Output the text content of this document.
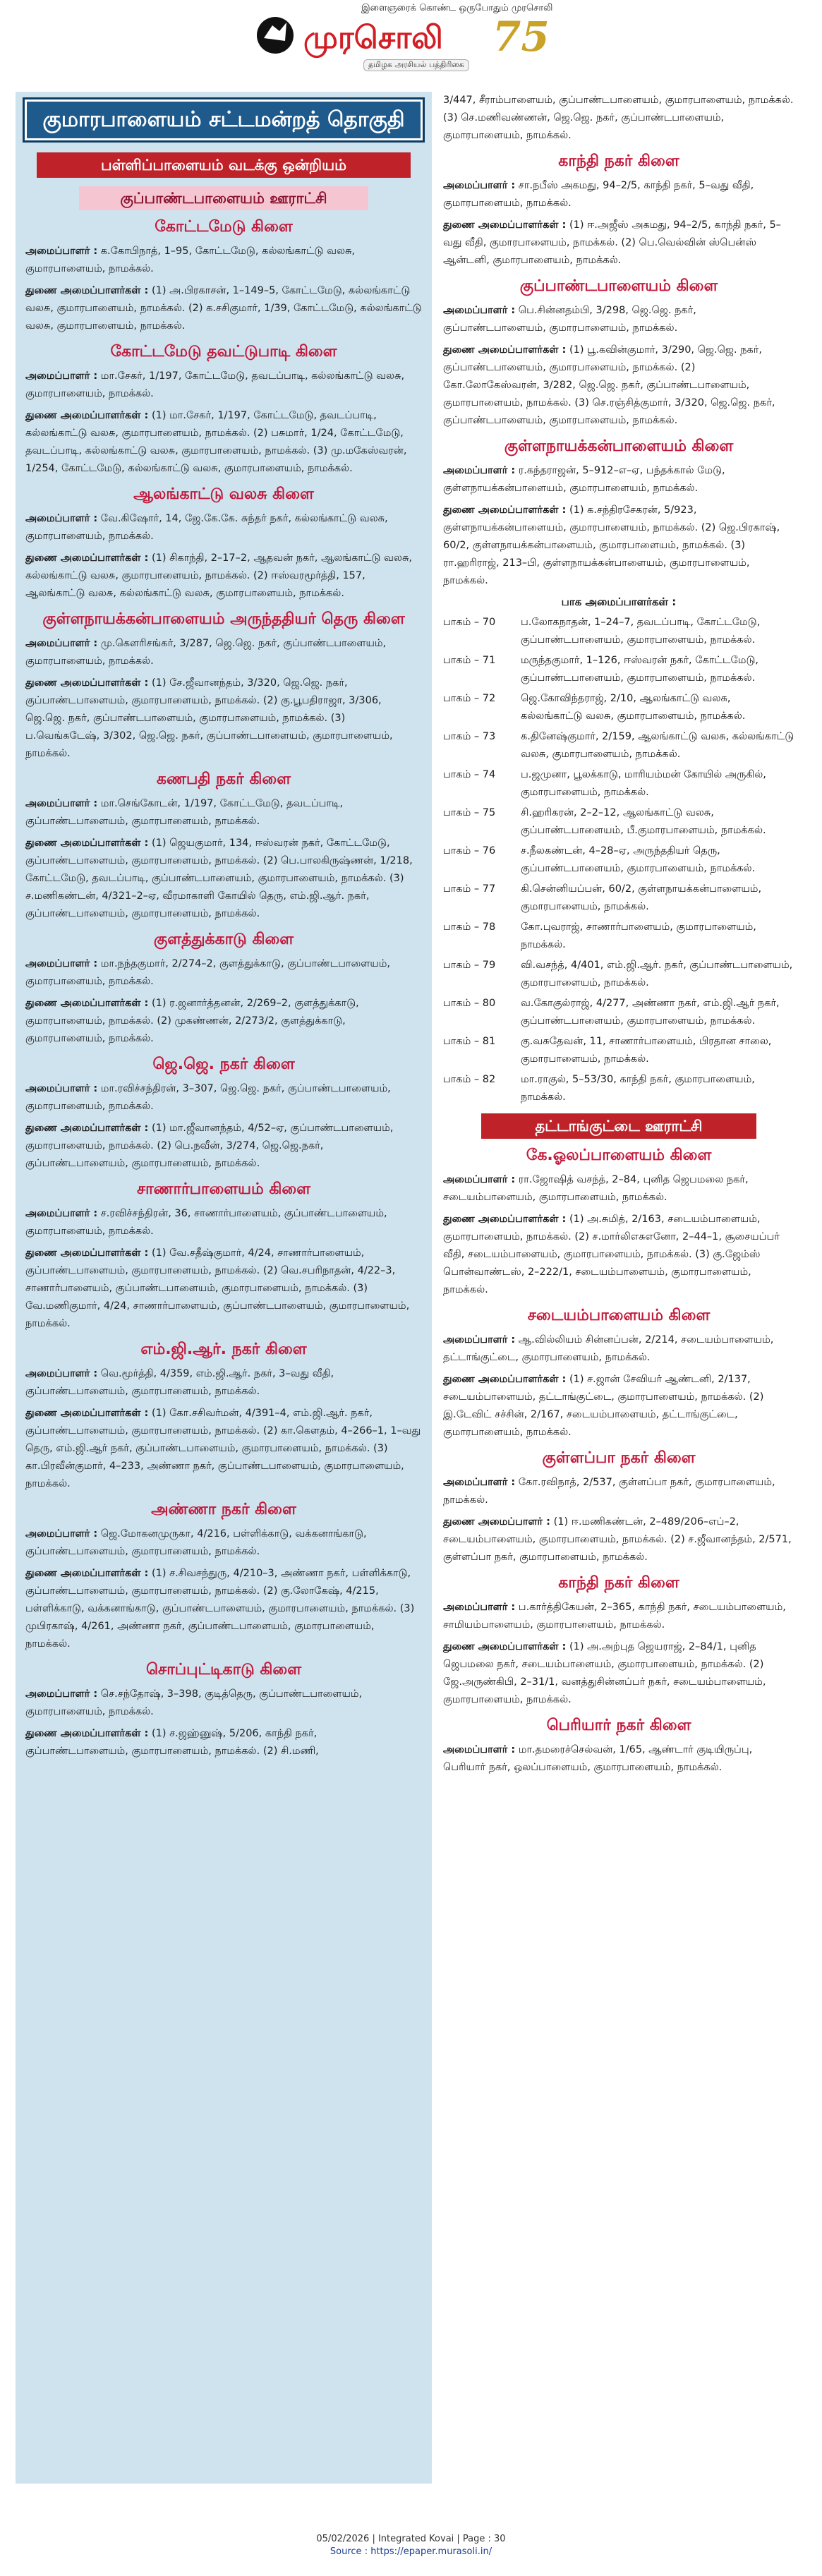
இளைஞரைக் கொண்ட ஒருபோதும் முரசொலி
முரசொலி 75
தமிழக அரசியல் பத்திரிகை
குமாரபாளையம் சட்டமன்றத் தொகுதி
பள்ளிப்பாளையம் வடக்கு ஒன்றியம்
குப்பாண்டபாளையம் ஊராட்சி
கோட்டமேடு கிளை
அமைப்பாளர் : க.கோபிநாத், 1–95, கோட்டமேடு, கல்லங்காட்டு வலசு, குமாரபாளையம், நாமக்கல்.
துணை அமைப்பாளர்கள் : (1) அ.பிரகாசன், 1–149–5, கோட்டமேடு, கல்லங்காட்டு வலசு, குமாரபாளையம், நாமக்கல். (2) க.சசிகுமார், 1/39, கோட்டமேடு, கல்லங்காட்டு வலசு, குமாரபாளையம், நாமக்கல்.
கோட்டமேடு தவட்டுபாடி கிளை
அமைப்பாளர் : மா.சேகர், 1/197, கோட்டமேடு, தவடப்பாடி, கல்லங்காட்டு வலசு, குமாரபாளையம், நாமக்கல்.
துணை அமைப்பாளர்கள் : (1) மா.சேகர், 1/197, கோட்டமேடு, தவடப்பாடி, கல்லங்காட்டு வலசு, குமாரபாளையம், நாமக்கல். (2) பசுமார், 1/24, கோட்டமேடு, தவடப்பாடி, கல்லங்காட்டு வலசு, குமாரபாளையம், நாமக்கல். (3) மு.மகேஸ்வரன், 1/254, கோட்டமேடு, கல்லங்காட்டு வலசு, குமாரபாளையம், நாமக்கல்.
ஆலங்காட்டு வலசு கிளை
அமைப்பாளர் : வே.கிஷோர், 14, ஜே.கே.கே. சுந்தர் நகர், கல்லங்காட்டு வலசு, குமாரபாளையம், நாமக்கல்.
துணை அமைப்பாளர்கள் : (1) சிகாந்தி, 2–17–2, ஆதவன் நகர், ஆலங்காட்டு வலசு, கல்லங்காட்டு வலசு, குமாரபாளையம், நாமக்கல். (2) ஈஸ்வரமூர்த்தி, 157, ஆலங்காட்டு வலசு, கல்லங்காட்டு வலசு, குமாரபாளையம், நாமக்கல்.
குள்ளநாயக்கன்பாளையம் அருந்ததியர் தெரு கிளை
அமைப்பாளர் : மு.கௌரிசங்கர், 3/287, ஜெ.ஜெ. நகர், குப்பாண்டபாளையம், குமாரபாளையம், நாமக்கல்.
துணை அமைப்பாளர்கள் : (1) சே.ஜீவானந்தம், 3/320, ஜெ.ஜெ. நகர், குப்பாண்டபாளையம், குமாரபாளையம், நாமக்கல். (2) கு.பூபதிராஜா, 3/306, ஜெ.ஜெ. நகர், குப்பாண்டபாளையம், குமாரபாளையம், நாமக்கல். (3) ப.வெங்கடேஷ், 3/302, ஜெ.ஜெ. நகர், குப்பாண்டபாளையம், குமாரபாளையம், நாமக்கல்.
கணபதி நகர் கிளை
அமைப்பாளர் : மா.செங்கோடன், 1/197, கோட்டமேடு, தவடப்பாடி, குப்பாண்டபாளையம், குமாரபாளையம், நாமக்கல்.
துணை அமைப்பாளர்கள் : (1) ஜெயகுமார், 134, ஈஸ்வரன் நகர், கோட்டமேடு, குப்பாண்டபாளையம், குமாரபாளையம், நாமக்கல். (2) பெ.பாலகிருஷ்ணன், 1/218, கோட்டமேடு, தவடப்பாடி, குப்பாண்டபாளையம், குமாரபாளையம், நாமக்கல். (3) ச.மணிகண்டன், 4/321–2–ஏ, வீரமாகாளி கோயில் தெரு, எம்.ஜி.ஆர். நகர், குப்பாண்டபாளையம், குமாரபாளையம், நாமக்கல்.
குளத்துக்காடு கிளை
அமைப்பாளர் : மா.நந்தகுமார், 2/274–2, குளத்துக்காடு, குப்பாண்டபாளையம், குமாரபாளையம், நாமக்கல்.
துணை அமைப்பாளர்கள் : (1) ர.ஜனார்த்தனன், 2/269–2, குளத்துக்காடு, குமாரபாளையம், நாமக்கல். (2) முகண்ணன், 2/273/2, குளத்துக்காடு, குமாரபாளையம், நாமக்கல்.
ஜெ.ஜெ. நகர் கிளை
அமைப்பாளர் : மா.ரவிச்சந்திரன், 3–307, ஜெ.ஜெ. நகர், குப்பாண்டபாளையம், குமாரபாளையம், நாமக்கல்.
துணை அமைப்பாளர்கள் : (1) மா.ஜீவானந்தம், 4/52–ஏ, குப்பாண்டபாளையம், குமாரபாளையம், நாமக்கல். (2) பெ.நவீன், 3/274, ஜெ.ஜெ.நகர், குப்பாண்டபாளையம், குமாரபாளையம், நாமக்கல்.
சாணார்பாளையம் கிளை
அமைப்பாளர் : ச.ரவிச்சந்திரன், 36, சாணார்பாளையம், குப்பாண்டபாளையம், குமாரபாளையம், நாமக்கல்.
துணை அமைப்பாளர்கள் : (1) வே.சதீஷ்குமார், 4/24, சாணார்பாளையம், குப்பாண்டபாளையம், குமாரபாளையம், நாமக்கல். (2) வெ.சபரிநாதன், 4/22–3, சாணார்பாளையம், குப்பாண்டபாளையம், குமாரபாளையம், நாமக்கல். (3) வே.மணிகுமார், 4/24, சாணார்பாளையம், குப்பாண்டபாளையம், குமாரபாளையம், நாமக்கல்.
எம்.ஜி.ஆர். நகர் கிளை
அமைப்பாளர் : வெ.மூர்த்தி, 4/359, எம்.ஜி.ஆர். நகர், 3–வது வீதி, குப்பாண்டபாளையம், குமாரபாளையம், நாமக்கல்.
துணை அமைப்பாளர்கள் : (1) கோ.சசிவர்மன், 4/391–4, எம்.ஜி.ஆர். நகர், குப்பாண்டபாளையம், குமாரபாளையம், நாமக்கல். (2) கா.கௌதம், 4–266–1, 1–வது தெரு, எம்.ஜி.ஆர் நகர், குப்பாண்டபாளையம், குமாரபாளையம், நாமக்கல். (3) கா.பிரவீன்குமார், 4–233, அண்ணா நகர், குப்பாண்டபாளையம், குமாரபாளையம், நாமக்கல்.
அண்ணா நகர் கிளை
அமைப்பாளர் : ஜெ.மோகனமுருகா, 4/216, பள்ளிக்காடு, வக்கனாங்காடு, குப்பாண்டபாளையம், குமாரபாளையம், நாமக்கல்.
துணை அமைப்பாளர்கள் : (1) ச.சிவசந்துரு, 4/210–3, அண்ணா நகர், பள்ளிக்காடு, குப்பாண்டபாளையம், குமாரபாளையம், நாமக்கல். (2) கு.லோகேஷ், 4/215, பள்ளிக்காடு, வக்கனாங்காடு, குப்பாண்டபாளையம், குமாரபாளையம், நாமக்கல். (3) முபிரகாஷ், 4/261, அண்ணா நகர், குப்பாண்டபாளையம், குமாரபாளையம், நாமக்கல்.
சொப்புட்டிகாடு கிளை
அமைப்பாளர் : செ.சந்தோஷ், 3–398, குடித்தெரு, குப்பாண்டபாளையம், குமாரபாளையம், நாமக்கல்.
துணை அமைப்பாளர்கள் : (1) ச.ஜஹ்னுஷ், 5/206, காந்தி நகர், குப்பாண்டபாளையம், குமாரபாளையம், நாமக்கல். (2) சி.மணி,
3/447, சீராம்பாளையம், குப்பாண்டபாளையம், குமாரபாளையம், நாமக்கல். (3) செ.மணிவண்ணன், ஜெ.ஜெ. நகர், குப்பாண்டபாளையம், குமாரபாளையம், நாமக்கல்.
காந்தி நகர் கிளை
அமைப்பாளர் : சா.நபீஸ் அகமது, 94–2/5, காந்தி நகர், 5–வது வீதி, குமாரபாளையம், நாமக்கல்.
துணை அமைப்பாளர்கள் : (1) ஈ.அஜீஸ் அகமது, 94–2/5, காந்தி நகர், 5–வது வீதி, குமாரபாளையம், நாமக்கல். (2) பெ.வெல்வின் ஸ்பென்ஸ் ஆன்டனி, குமாரபாளையம், நாமக்கல்.
குப்பாண்டபாளையம் கிளை
அமைப்பாளர் : பெ.சின்னதம்பி, 3/298, ஜெ.ஜெ. நகர், குப்பாண்டபாளையம், குமாரபாளையம், நாமக்கல்.
துணை அமைப்பாளர்கள் : (1) பூ.கவின்குமார், 3/290, ஜெ.ஜெ. நகர், குப்பாண்டபாளையம், குமாரபாளையம், நாமக்கல். (2) கோ.லோகேஸ்வரன், 3/282, ஜெ.ஜெ. நகர், குப்பாண்டபாளையம், குமாரபாளையம், நாமக்கல். (3) செ.ரஞ்சித்குமார், 3/320, ஜெ.ஜெ. நகர், குப்பாண்டபாளையம், குமாரபாளையம், நாமக்கல்.
குள்ளநாயக்கன்பாளையம் கிளை
அமைப்பாளர் : ர.கந்தராஜன், 5–912–எ–ஏ, பந்தக்கால் மேடு, குள்ளநாயக்கன்பாளையம், குமாரபாளையம், நாமக்கல்.
துணை அமைப்பாளர்கள் : (1) க.சந்திரசேகரன், 5/923, குள்ளநாயக்கன்பாளையம், குமாரபாளையம், நாமக்கல். (2) ஜெ.பிரகாஷ், 60/2, குள்ளநாயக்கன்பாளையம், குமாரபாளையம், நாமக்கல். (3) ரா.ஹரிராஜ், 213–பி, குள்ளநாயக்கன்பாளையம், குமாரபாளையம், நாமக்கல்.
பாக அமைப்பாளர்கள் :
பாகம் – 70	ப.லோகநாதன், 1–24–7, தவடப்பாடி, கோட்டமேடு, குப்பாண்டபாளையம், குமாரபாளையம், நாமக்கல்.
பாகம் – 71	மருந்தகுமார், 1–126, ஈஸ்வரன் நகர், கோட்டமேடு, குப்பாண்டபாளையம், குமாரபாளையம், நாமக்கல்.
பாகம் – 72	ஜெ.கோவிந்தராஜ், 2/10, ஆலங்காட்டு வலசு, கல்லங்காட்டு வலசு, குமாரபாளையம், நாமக்கல்.
பாகம் – 73	க.தினேஷ்குமார், 2/159, ஆலங்காட்டு வலசு, கல்லங்காட்டு வலசு, குமாரபாளையம், நாமக்கல்.
பாகம் – 74	ப.ஜமுனா, பூலக்காடு, மாரியம்மன் கோயில் அருகில், குமாரபாளையம், நாமக்கல்.
பாகம் – 75	சி.ஹரிகரன், 2–2–12, ஆலங்காட்டு வலசு, குப்பாண்டபாளையம், பீ.குமாரபாளையம், நாமக்கல்.
பாகம் – 76	ச.நீலகண்டன், 4–28–ஏ, அருந்ததியர் தெரு, குப்பாண்டபாளையம், குமாரபாளையம், நாமக்கல்.
பாகம் – 77	கி.சென்னியப்பன், 60/2, குள்ளநாயக்கன்பாளையம், குமாரபாளையம், நாமக்கல்.
பாகம் – 78	கோ.புவராஜ், சாணார்பாளையம், குமாரபாளையம், நாமக்கல்.
பாகம் – 79	வி.வசந்த், 4/401, எம்.ஜி.ஆர். நகர், குப்பாண்டபாளையம், குமாரபாளையம், நாமக்கல்.
பாகம் – 80	வ.கோகுல்ராஜ், 4/277, அண்ணா நகர், எம்.ஜி.ஆர் நகர், குப்பாண்டபாளையம், குமாரபாளையம், நாமக்கல்.
பாகம் – 81	கு.வசுதேவன், 11, சாணார்பாளையம், பிரதான சாலை, குமாரபாளையம், நாமக்கல்.
பாகம் – 82	மா.ராகுல், 5–53/30, காந்தி நகர், குமாரபாளையம், நாமக்கல்.
தட்டாங்குட்டை ஊராட்சி
கே.ஓலப்பாளையம் கிளை
அமைப்பாளர் : ரா.ஜோஷித் வசந்த், 2–84, புனித ஜெபமலை நகர், சடையம்பாளையம், குமாரபாளையம், நாமக்கல்.
துணை அமைப்பாளர்கள் : (1) அ.சுமித், 2/163, சடையம்பாளையம், குமாரபாளையம், நாமக்கல். (2) ச.மார்லிஎசுஎனோ, 2–44–1, சூசையப்பர் வீதி, சடையம்பாளையம், குமாரபாளையம், நாமக்கல். (3) கு.ஜேம்ஸ் பொன்வாண்டஸ், 2–222/1, சடையம்பாளையம், குமாரபாளையம், நாமக்கல்.
சடையம்பாளையம் கிளை
அமைப்பாளர் : ஆ.வில்லியம் சின்னப்பன், 2/214, சடையம்பாளையம், தட்டாங்குட்டை, குமாரபாளையம், நாமக்கல்.
துணை அமைப்பாளர்கள் : (1) ச.ஜான் சேவியர் ஆண்டனி, 2/137, சடையம்பாளையம், தட்டாங்குட்டை, குமாரபாளையம், நாமக்கல். (2) இ.டேவிட் சச்சின், 2/167, சடையம்பாளையம், தட்டாங்குட்டை, குமாரபாளையம், நாமக்கல்.
குள்ளப்பா நகர் கிளை
அமைப்பாளர் : கோ.ரவிநாத், 2/537, குள்ளப்பா நகர், குமாரபாளையம், நாமக்கல்.
துணை அமைப்பாளர் : (1) ஈ.மணிகண்டன், 2–489/206–எப்–2, சடையம்பாளையம், குமாரபாளையம், நாமக்கல். (2) ச.ஜீவானந்தம், 2/571, குள்ளப்பா நகர், குமாரபாளையம், நாமக்கல்.
காந்தி நகர் கிளை
அமைப்பாளர் : ப.கார்த்திகேயன், 2–365, காந்தி நகர், சடையம்பாளையம், சாமியம்பாளையம், குமாரபாளையம், நாமக்கல்.
துணை அமைப்பாளர்கள் : (1) அ.அற்புத ஜெயராஜ், 2–84/1, புனித ஜெபமலை நகர், சடையம்பாளையம், குமாரபாளையம், நாமக்கல். (2) ஜே.அருண்கிபி, 2–31/1, வனத்துசின்னப்பர் நகர், சடையம்பாளையம், குமாரபாளையம், நாமக்கல்.
பெரியார் நகர் கிளை
அமைப்பாளர் : மா.தமரைச்செல்வன், 1/65, ஆண்டார் குடியிருப்பு, பெரியார் நகர், ஒலப்பாளையம், குமாரபாளையம், நாமக்கல்.
05/02/2026 | Integrated Kovai | Page : 30
Source : https://epaper.murasoli.in/
